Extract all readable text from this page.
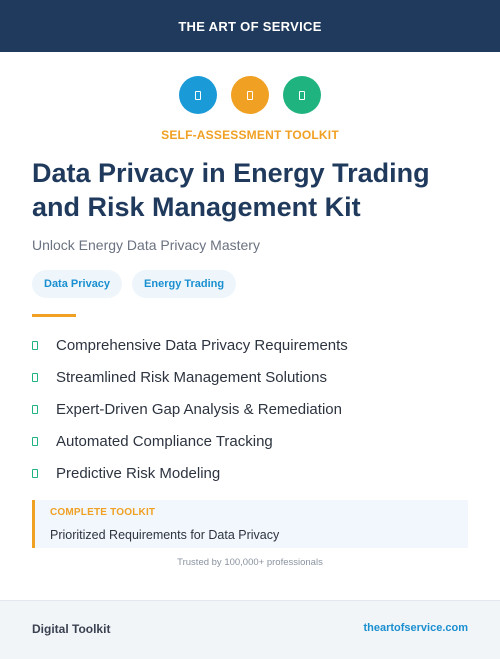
THE ART OF SERVICE
SELF-ASSESSMENT TOOLKIT
Data Privacy in Energy Trading and Risk Management Kit
Unlock Energy Data Privacy Mastery
Data Privacy	Energy Trading
Comprehensive Data Privacy Requirements
Streamlined Risk Management Solutions
Expert-Driven Gap Analysis & Remediation
Automated Compliance Tracking
Predictive Risk Modeling
COMPLETE TOOLKIT
Prioritized Requirements for Data Privacy
Trusted by 100,000+ professionals
Digital Toolkit	theartofservice.com
